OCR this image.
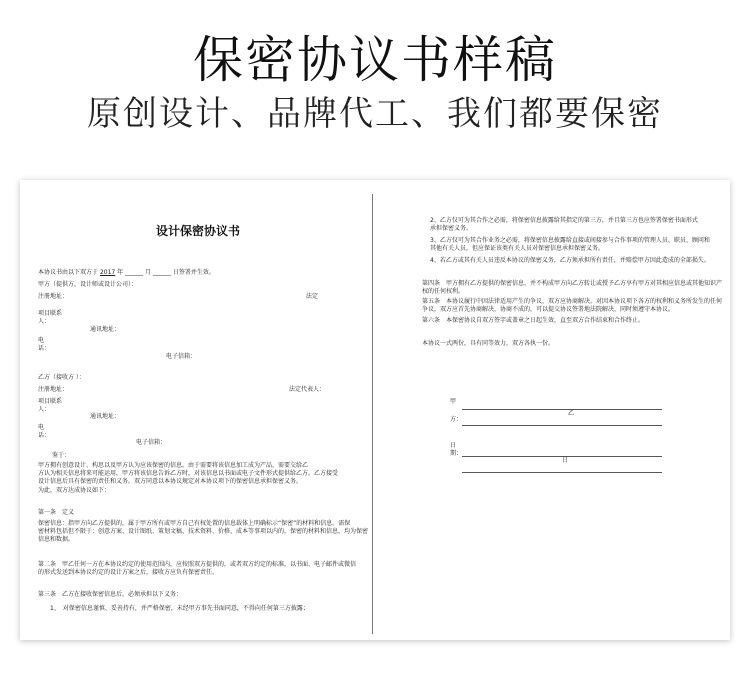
保密协议书样稿
原创设计、品牌代工、我们都要保密
设计保密协议书
本协议书由以下双方于 2017 年 ______ 月 ______ 日签署并生效。
甲方（提供方，设计师或设计公司）：
注册地址：	法定
项目联系
人：
通讯地址：
电
话：
电子信箱：
乙方（接收方 ）：
注册地址：	法定代表人：
项目联系
人：
通讯地址：
电
话：
电子信箱：
鉴于：
甲方拥有创意设计、构思以及甲方认为应该保密的信息。由于需要将该信息加工成为产品，需要交给乙
方认为相关信息将来可能运用，甲方将该信息告诉乙方时，对该信息以书面或电子文件形式提供给乙方。乙方接受
设计信息后具有保密的责任和义务。双方同意以本协议规定对本协议项下的保密信息承担保密义务。
为此，双方达成协议如下：
第一条　定义
保密信息：指甲方向乙方提供的，属于甲方所有或甲方自己有权处置的信息载体上明确标示“保密”的材料和信息。需保
密材料包括但不限于：创意方案、设计图纸、策划文稿、技术资料、价格、成本等事项以内的，保密的材料和信息，均为保密
信息和数据。
第二条　甲乙任何一方在本协议约定的使用范围内，应按照双方提供的，或者双方约定的标准，以书面、电子邮件或微信
的形式发送到本协议约定的设计方案之后，接收方应负有保密责任。
第三条　乙方在接收保密信息后，必须承担以下义务：
1、　对保密信息谨慎、妥善持有，并严格保密，未经甲方事先书面同意，不得向任何第三方披露；
2、乙方仅可为其合作之必需，将保密信息披露给其指定的第三方，并且第三方也应签署保密书面形式
承担保密义务。
3、乙方仅可为其合作业务之必需，将保密信息披露给直接或间接参与合作事项的管理人员、职员、顾问和
其他有关人员，但应保证该类有关人员对保密信息承担保密义务。
4、若乙方或其有关人员违反本协议的保密义务，乙方须承担所有责任，并赔偿甲方因此造成的全部损失。
第四条　甲方拥有乙方提供的保密信息，并不构成甲方向乙方转让或授予乙方享有甲方对其相应信息或其他知识产
权的任何权利。
第五条　本协议履行中因法律适用产生的争议，双方应协商解决。对因本协议项下各方的权利和义务所发生的任何
争议，双方应首先协商解决，协商不成的，可以提交协议签署地法院解决，同时须遵守本协议。
第六条　本保密协议自双方签字或盖章之日起生效，直至双方合作结束和合作终止。
本协议一式两份，具有同等效力，双方各执一份。
甲
方：
乙
日
期：
日
